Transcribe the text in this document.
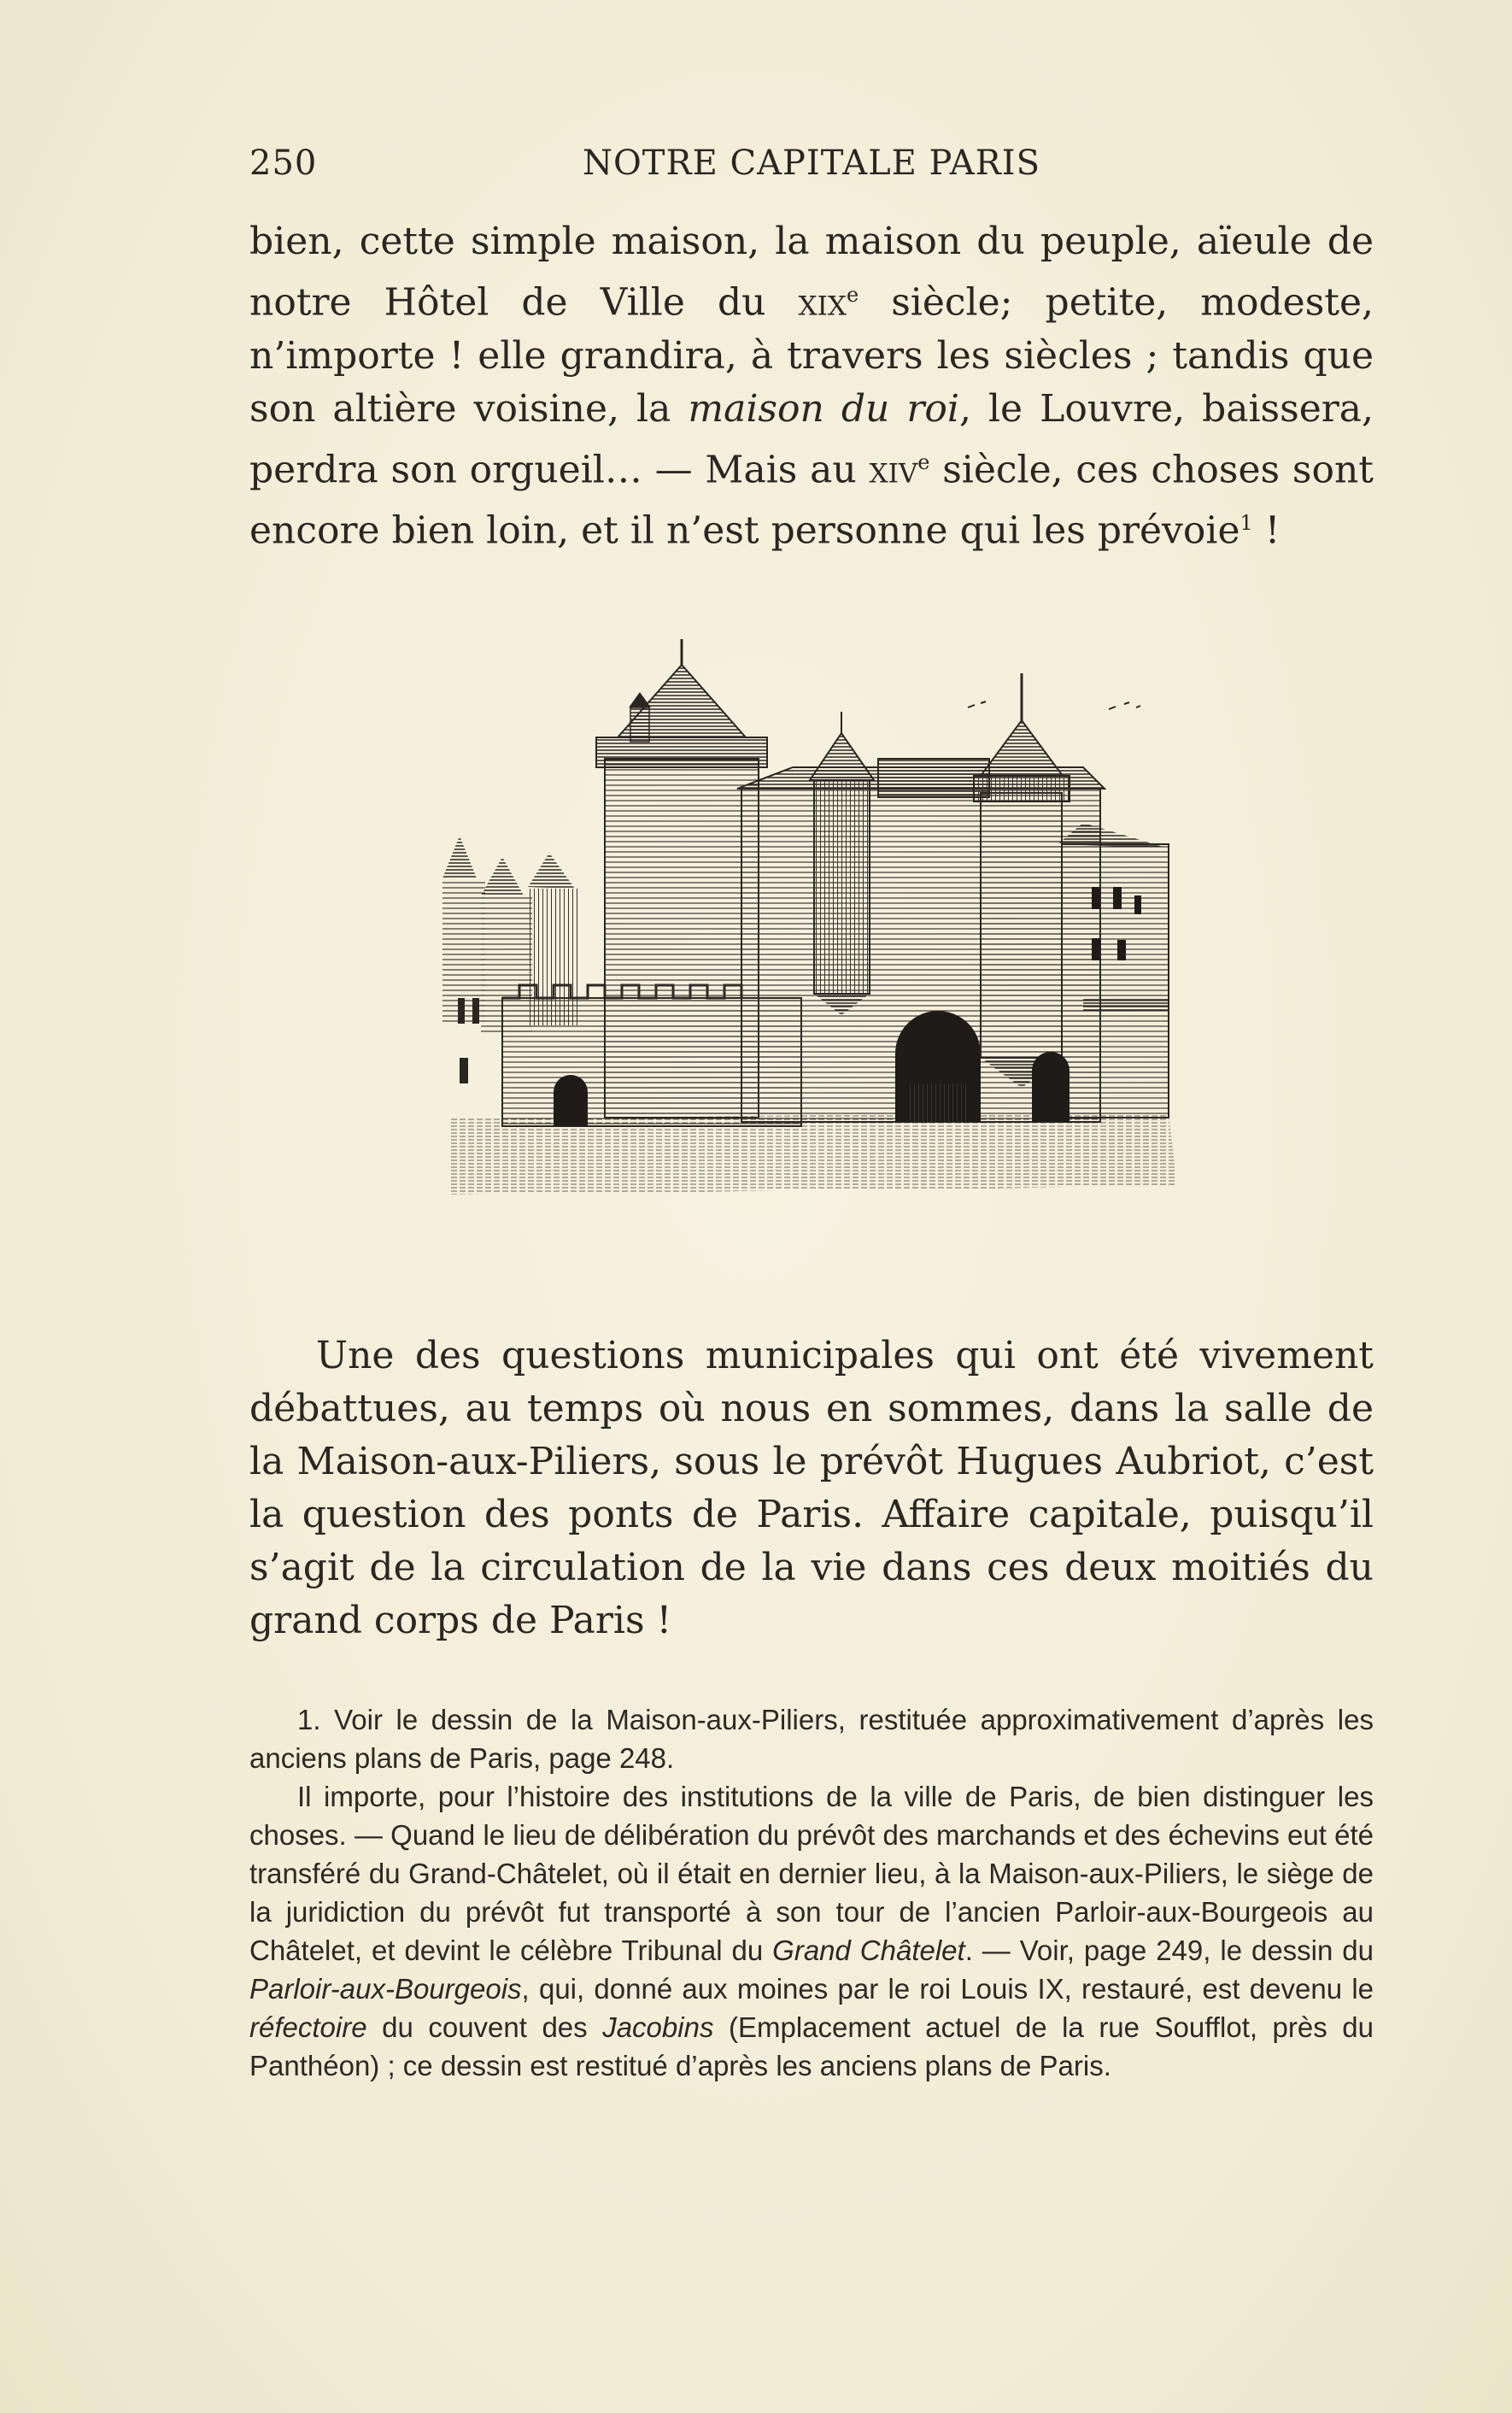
250	NOTRE CAPITALE PARIS

bien, cette simple maison, la maison du peuple, aïeule de notre Hôtel de Ville du xix$^e$ siècle; petite, modeste, n’importe ! elle grandira, à travers les siècles ; tandis que son altière voisine, la maison du roi, le Louvre, baissera, perdra son orgueil… — Mais au xiv$^e$ siècle, ces choses sont encore bien loin, et il n’est personne qui les prévoie$^1$ !

Une des questions municipales qui ont été vivement débattues, au temps où nous en sommes, dans la salle de la Maison-aux-Piliers, sous le prévôt Hugues Aubriot, c’est la question des ponts de Paris. Affaire capitale, puisqu’il s’agit de la circulation de la vie dans ces deux moitiés du grand corps de Paris !

1. Voir le dessin de la Maison-aux-Piliers, restituée approximativement d’après les anciens plans de Paris, page 248.

Il importe, pour l’histoire des institutions de la ville de Paris, de bien distinguer les choses. — Quand le lieu de délibération du prévôt des marchands et des échevins eut été transféré du Grand-Châtelet, où il était en dernier lieu, à la Maison-aux-Piliers, le siège de la juridiction du prévôt fut transporté à son tour de l’ancien Parloir-aux-Bourgeois au Châtelet, et devint le célèbre Tribunal du Grand Châtelet. — Voir, page 249, le dessin du Parloir-aux-Bourgeois, qui, donné aux moines par le roi Louis IX, restauré, est devenu le réfectoire du couvent des Jacobins (Emplacement actuel de la rue Soufflot, près du Panthéon) ; ce dessin est restitué d’après les anciens plans de Paris.
